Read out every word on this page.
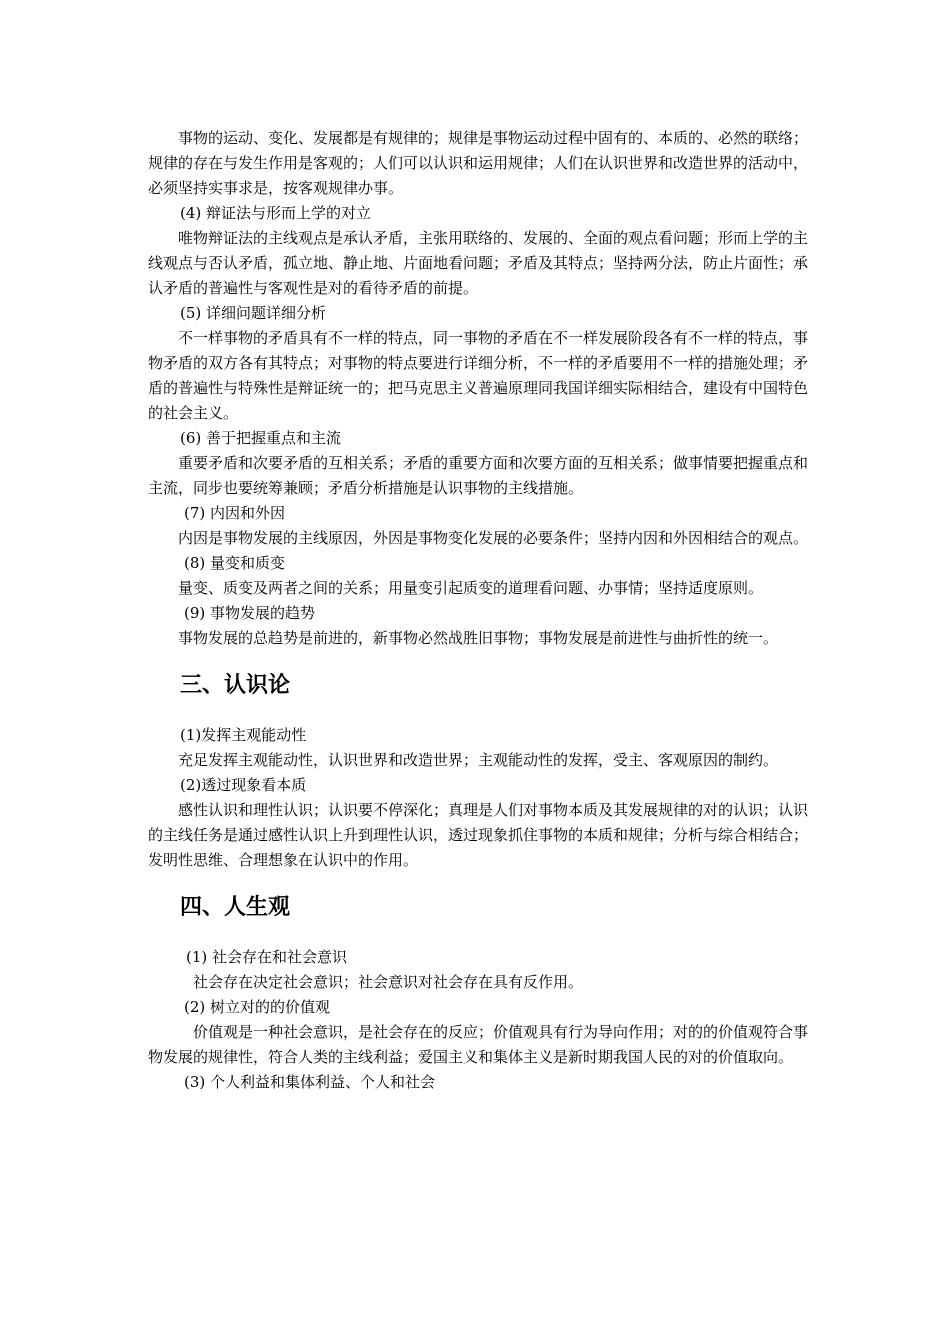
事物的运动、变化、发展都是有规律的；规律是事物运动过程中固有的、本质的、必然的联络；规律的存在与发生作用是客观的；人们可以认识和运用规律；人们在认识世界和改造世界的活动中，必须坚持实事求是，按客观规律办事。

(4) 辩证法与形而上学的对立

唯物辩证法的主线观点是承认矛盾，主张用联络的、发展的、全面的观点看问题；形而上学的主线观点与否认矛盾，孤立地、静止地、片面地看问题；矛盾及其特点；坚持两分法，防止片面性；承认矛盾的普遍性与客观性是对的看待矛盾的前提。

(5) 详细问题详细分析

不一样事物的矛盾具有不一样的特点，同一事物的矛盾在不一样发展阶段各有不一样的特点，事物矛盾的双方各有其特点；对事物的特点要进行详细分析，不一样的矛盾要用不一样的措施处理；矛盾的普遍性与特殊性是辩证统一的；把马克思主义普遍原理同我国详细实际相结合，建设有中国特色的社会主义。

(6) 善于把握重点和主流

重要矛盾和次要矛盾的互相关系；矛盾的重要方面和次要方面的互相关系；做事情要把握重点和主流，同步也要统筹兼顾；矛盾分析措施是认识事物的主线措施。

(7) 内因和外因

内因是事物发展的主线原因，外因是事物变化发展的必要条件；坚持内因和外因相结合的观点。

(8) 量变和质变

量变、质变及两者之间的关系；用量变引起质变的道理看问题、办事情；坚持适度原则。

(9) 事物发展的趋势

事物发展的总趋势是前进的，新事物必然战胜旧事物；事物发展是前进性与曲折性的统一。

三、认识论

(1)发挥主观能动性

充足发挥主观能动性，认识世界和改造世界；主观能动性的发挥，受主、客观原因的制约。

(2)透过现象看本质

感性认识和理性认识；认识要不停深化；真理是人们对事物本质及其发展规律的对的认识；认识的主线任务是通过感性认识上升到理性认识，透过现象抓住事物的本质和规律；分析与综合相结合；发明性思维、合理想象在认识中的作用。

四、人生观

(1) 社会存在和社会意识

社会存在决定社会意识；社会意识对社会存在具有反作用。

(2) 树立对的的价值观

价值观是一种社会意识，是社会存在的反应；价值观具有行为导向作用；对的的价值观符合事物发展的规律性，符合人类的主线利益；爱国主义和集体主义是新时期我国人民的对的价值取向。

(3) 个人利益和集体利益、个人和社会
